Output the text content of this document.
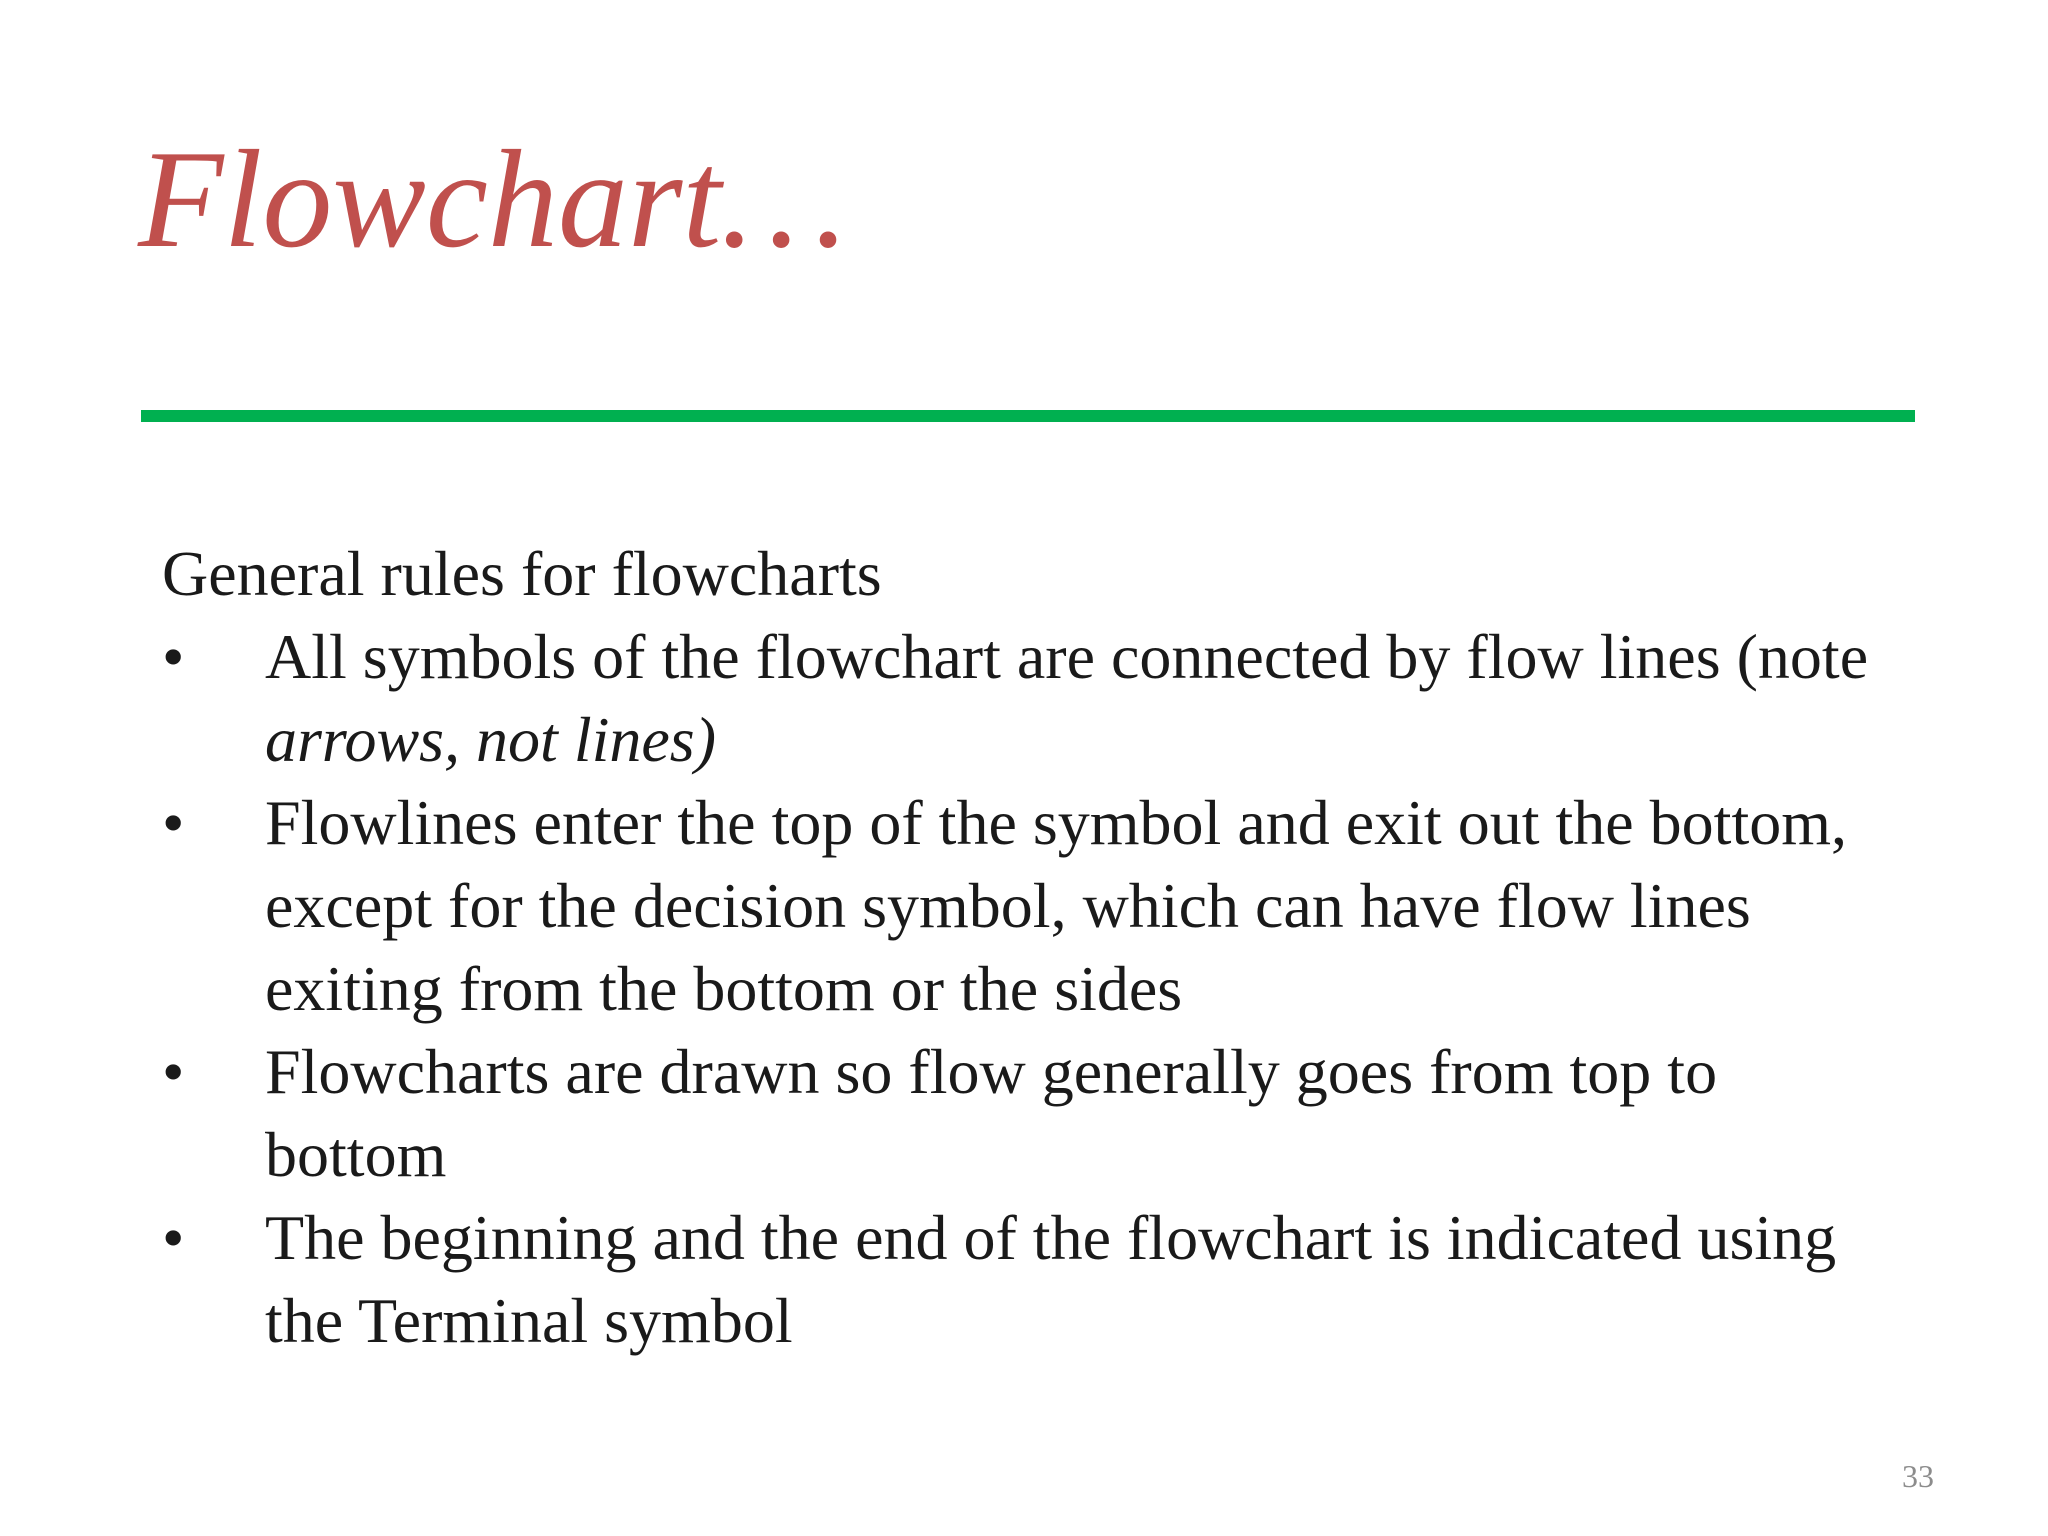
Flowchart…

General rules for flowcharts

• All symbols of the flowchart are connected by flow lines (note arrows, not lines)
• Flowlines enter the top of the symbol and exit out the bottom, except for the decision symbol, which can have flow lines exiting from the bottom or the sides
• Flowcharts are drawn so flow generally goes from top to bottom
• The beginning and the end of the flowchart is indicated using the Terminal symbol
33
